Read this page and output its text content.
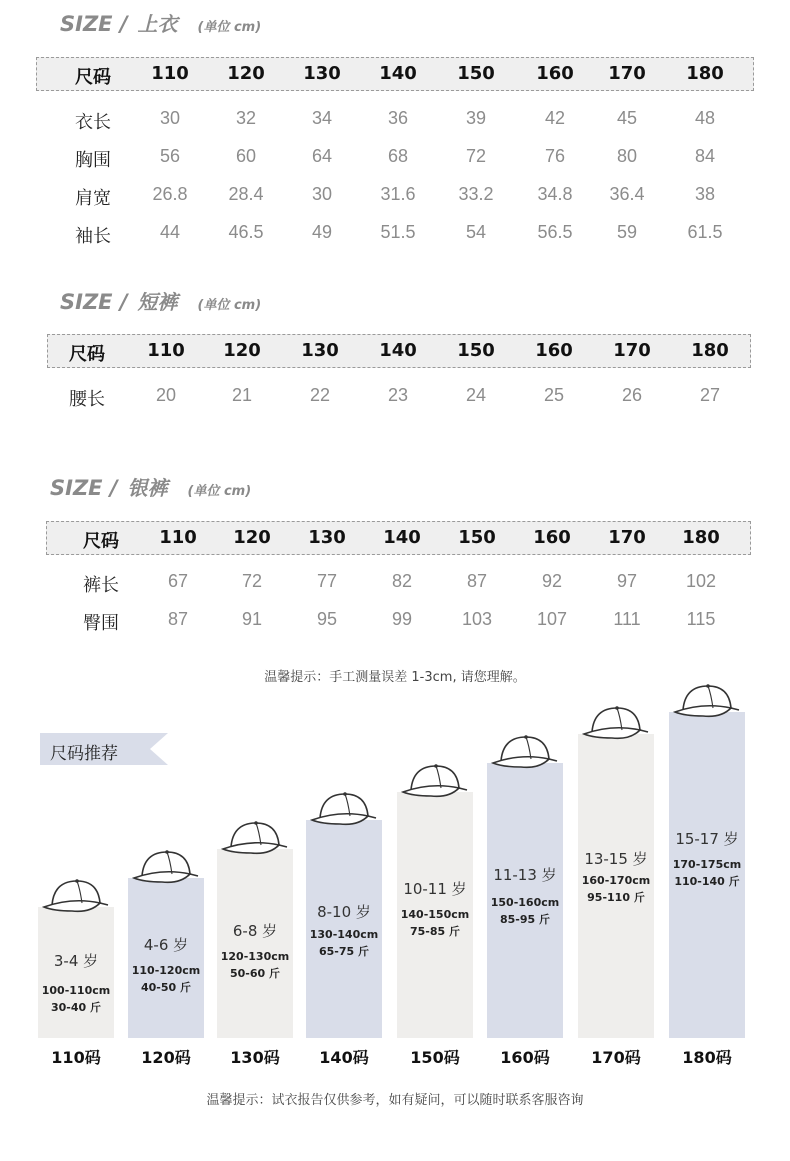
SIZE / 上衣 (单位 cm)
尺码 110 120 130 140 150 160 170 180
衣长	30	32	34	36	39	42	45	48
胸围	56	60	64	68	72	76	80	84
肩宽 26.8 28.4	30	31.6 33.2 34.8 36.4	38
袖长	44	46.5	49	51.5	54	56.5 59	61.5
SIZE / 短裤 (单位 cm)
尺码 110 120 130 140 150 160 170 180
腰长	20	21	22	23	24	25	26	27
SIZE / 银裤 (单位 cm)
尺码 110 120 130 140 150 160 170 180
裤长	67	72	77	82	87	92	97	102
臀围	87	91	95	99	103 107	111	115
温馨提示：手工测量误差 1-3cm, 请您理解。
尺码推荐
3-4 岁
100-110cm
30-40 斤
110码
4-6 岁
110-120cm
40-50 斤
120码
6-8 岁
120-130cm
50-60 斤
130码
8-10 岁
130-140cm
65-75 斤
140码
10-11 岁
140-150cm
75-85 斤
150码
11-13 岁
150-160cm
85-95 斤
160码
13-15 岁
160-170cm
95-110 斤
170码
15-17 岁
170-175cm
110-140 斤
180码
温馨提示：试衣报告仅供参考，如有疑问，可以随时联系客服咨询
